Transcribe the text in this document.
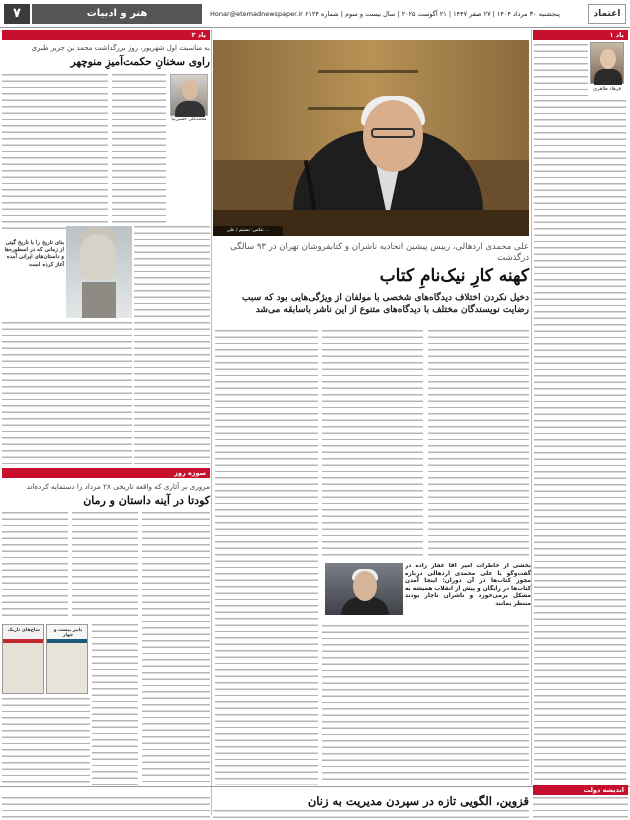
۷	هنر و ادبیات	Honar@etemadnewspaper.ir پنجشنبه ۳۰ مرداد ۱۴۰۴ | ۲۷ صفر ۱۴۴۷ | ۲۱ آگوست ۲۰۲۵ | سال بیست و سوم | شماره ۶۱۲۴	اعتماد
یاد ۱
فرهاد طاهری
عکس: تسنیم / علی ...
علی محمدی اردهالی، رییس پیشین اتحادیه ناشران و کتابفروشان تهران در ۹۳ سالگی درگذشت
کهنه کارِ نیک‌نامِ کتاب
دخیل نکردن اختلاف دیدگاه‌های شخصی با مولفان از ویژگی‌هایی بود که سبب رضایت نویسندگان مختلف با دیدگاه‌های متنوع از این ناشر باسابقه می‌شد
بخشی از خاطرات امیر آقا غفار زاده در گفت‌وگو با علی محمدی اردهالی درباره مجوز کتاب‌ها در آن دوران: اینجا آمدن کتاب‌ها در رایگان و پیش از انقلاب همیشه به مشکل برمی‌خورد و ناشران ناچار بودند منتظر بمانند
یاد ۲
به مناسبت اول شهریور، روز بزرگداشت محمد بن جریر طبری
راوی سخنانِ حکمت‌آمیزِ منوچهر
محمدعلی حسین‌نیا
بنای تاریخ را با تاریخ گیتی از زمانی که در اسطوره‌ها و داستان‌های ایرانی آمده آغاز کرده است
سوژه روز
مروری بر آثاری که واقعه تاریخی ۲۸ مرداد را دستمایه کرده‌اند
کودتا در آینه داستان و رمان
شاخ‌های تاریک	پاییز بیست و چهار
اندیشه دولت
قزوین، الگویی تازه در سپردن مدیریت به زنان
